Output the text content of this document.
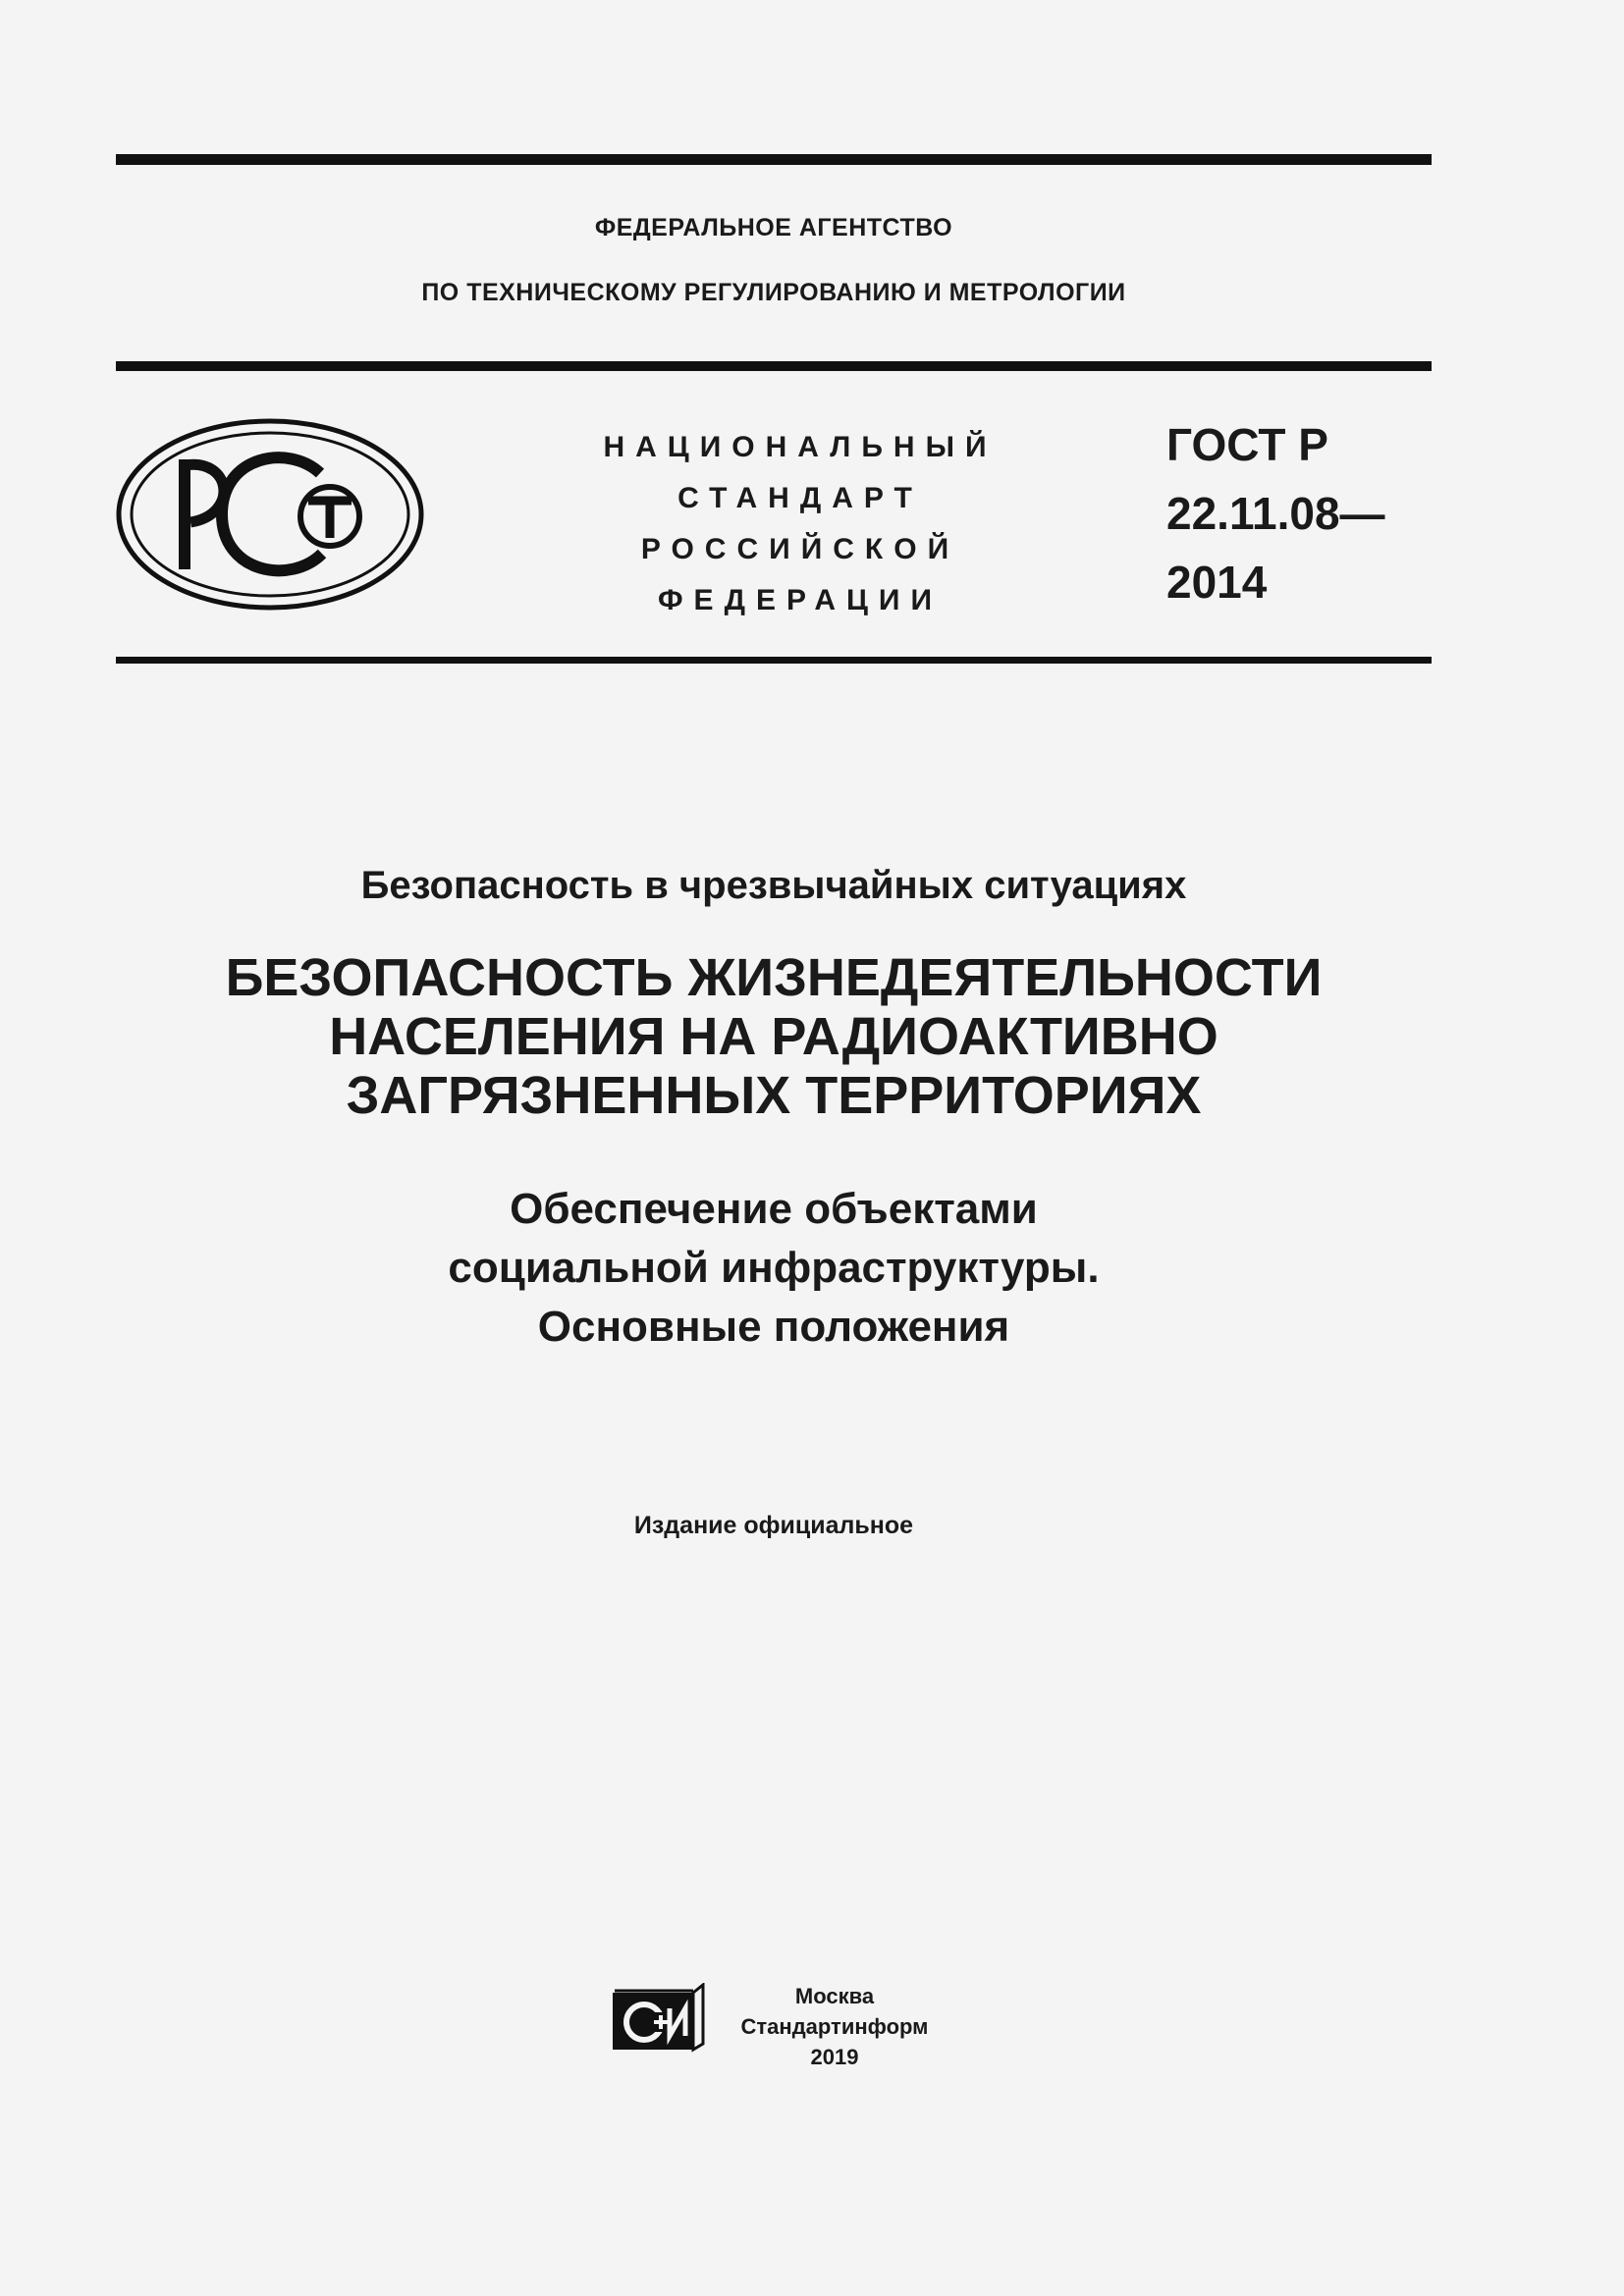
ФЕДЕРАЛЬНОЕ АГЕНТСТВО
ПО ТЕХНИЧЕСКОМУ РЕГУЛИРОВАНИЮ И МЕТРОЛОГИИ
НАЦИОНАЛЬНЫЙ
СТАНДАРТ
РОССИЙСКОЙ
ФЕДЕРАЦИИ
ГОСТ Р
22.11.08—
2014
Безопасность в чрезвычайных ситуациях
БЕЗОПАСНОСТЬ ЖИЗНЕДЕЯТЕЛЬНОСТИ
НАСЕЛЕНИЯ НА РАДИОАКТИВНО
ЗАГРЯЗНЕННЫХ ТЕРРИТОРИЯХ
Обеспечение объектами
социальной инфраструктуры.
Основные положения
Издание официальное
Москва
Стандартинформ
2019
